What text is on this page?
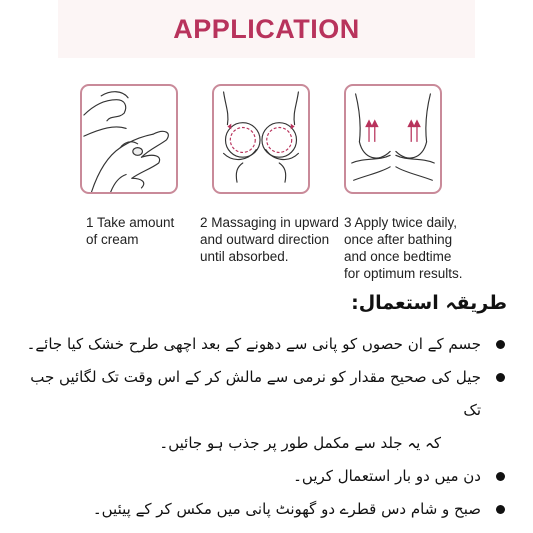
APPLICATION
1 Take amount
of cream
2 Massaging in upward
and outward direction
until absorbed.
3 Apply twice daily,
once after bathing
and once bedtime
for optimum results.
طریقہ استعمال:
جسم کے ان حصوں کو پانی سے دھونے کے بعد اچھی طرح خشک کیا جائے۔
جیل کی صحیح مقدار کو نرمی سے مالش کر کے اس وقت تک لگائیں جب تک
کہ یہ جلد سے مکمل طور پر جذب ہو جائیں۔
دن میں دو بار استعمال کریں۔
صبح و شام دس قطرے دو گھونٹ پانی میں مکس کر کے پیئیں۔
